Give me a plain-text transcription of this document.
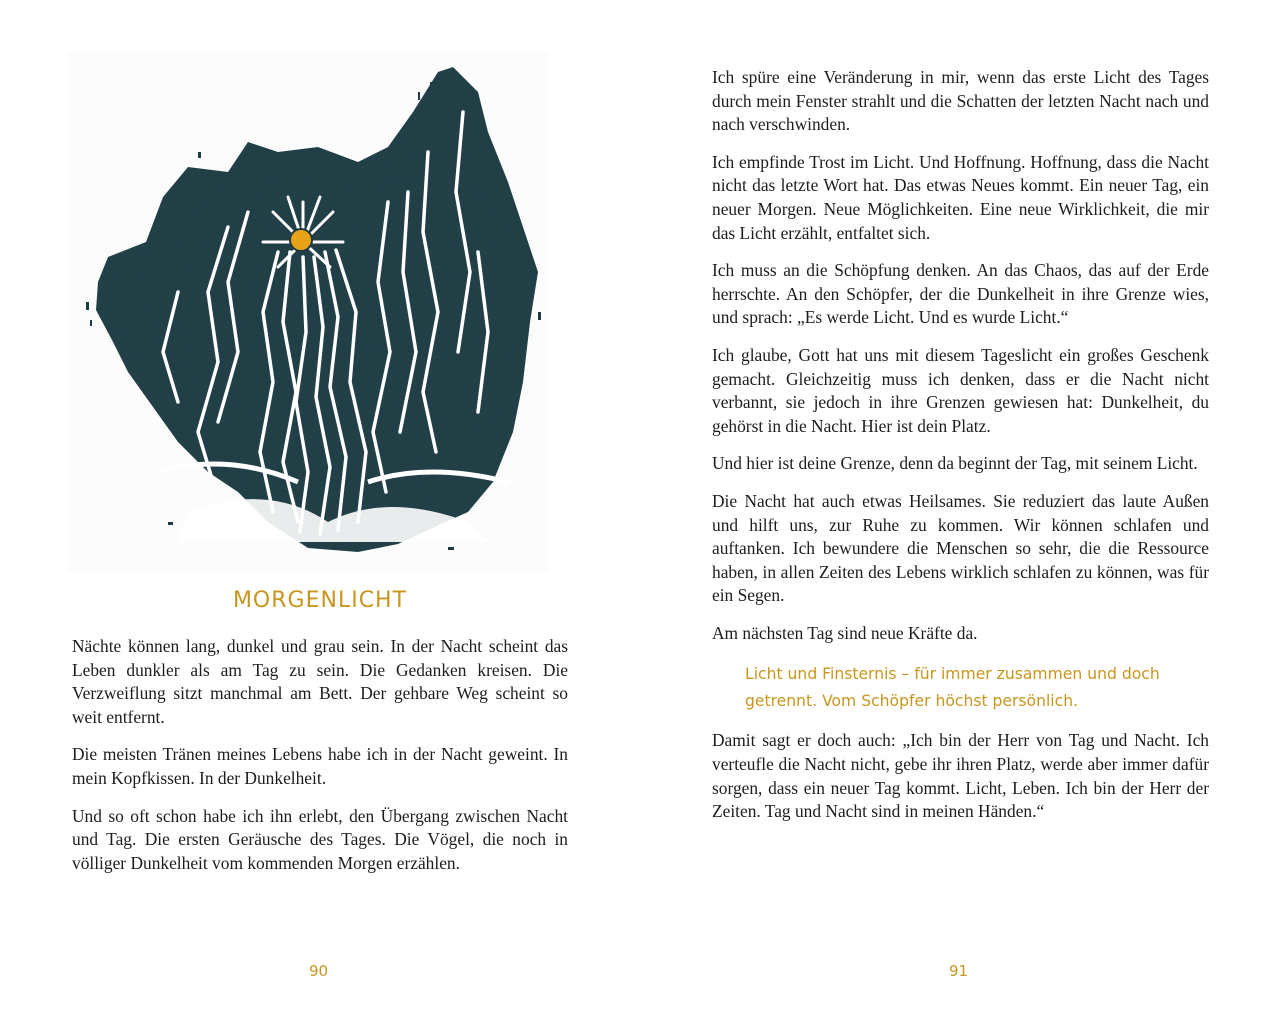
MORGENLICHT

Nächte können lang, dunkel und grau sein. In der Nacht scheint das Leben dunkler als am Tag zu sein. Die Gedanken kreisen. Die Verzweiflung sitzt manchmal am Bett. Der gehbare Weg scheint so weit entfernt.

Die meisten Tränen meines Lebens habe ich in der Nacht geweint. In mein Kopfkissen. In der Dunkelheit.

Und so oft schon habe ich ihn erlebt, den Übergang zwischen Nacht und Tag. Die ersten Geräusche des Tages. Die Vögel, die noch in völliger Dunkelheit vom kommenden Morgen erzählen.

90

Ich spüre eine Veränderung in mir, wenn das erste Licht des Tages durch mein Fenster strahlt und die Schatten der letzten Nacht nach und nach verschwinden.

Ich empfinde Trost im Licht. Und Hoffnung. Hoffnung, dass die Nacht nicht das letzte Wort hat. Das etwas Neues kommt. Ein neuer Tag, ein neuer Morgen. Neue Möglichkeiten. Eine neue Wirklichkeit, die mir das Licht erzählt, entfaltet sich.

Ich muss an die Schöpfung denken. An das Chaos, das auf der Erde herrschte. An den Schöpfer, der die Dunkelheit in ihre Grenze wies, und sprach: „Es werde Licht. Und es wurde Licht.“

Ich glaube, Gott hat uns mit diesem Tageslicht ein großes Geschenk gemacht. Gleichzeitig muss ich denken, dass er die Nacht nicht verbannt, sie jedoch in ihre Grenzen gewiesen hat: Dunkelheit, du gehörst in die Nacht. Hier ist dein Platz.

Und hier ist deine Grenze, denn da beginnt der Tag, mit seinem Licht.

Die Nacht hat auch etwas Heilsames. Sie reduziert das laute Außen und hilft uns, zur Ruhe zu kommen. Wir können schlafen und auftanken. Ich bewundere die Menschen so sehr, die die Ressource haben, in allen Zeiten des Lebens wirklich schlafen zu können, was für ein Segen.

Am nächsten Tag sind neue Kräfte da.

Licht und Finsternis – für immer zusammen und doch getrennt. Vom Schöpfer höchst persönlich.

Damit sagt er doch auch: „Ich bin der Herr von Tag und Nacht. Ich verteufle die Nacht nicht, gebe ihr ihren Platz, werde aber immer dafür sorgen, dass ein neuer Tag kommt. Licht, Leben. Ich bin der Herr der Zeiten. Tag und Nacht sind in meinen Händen.“

91
